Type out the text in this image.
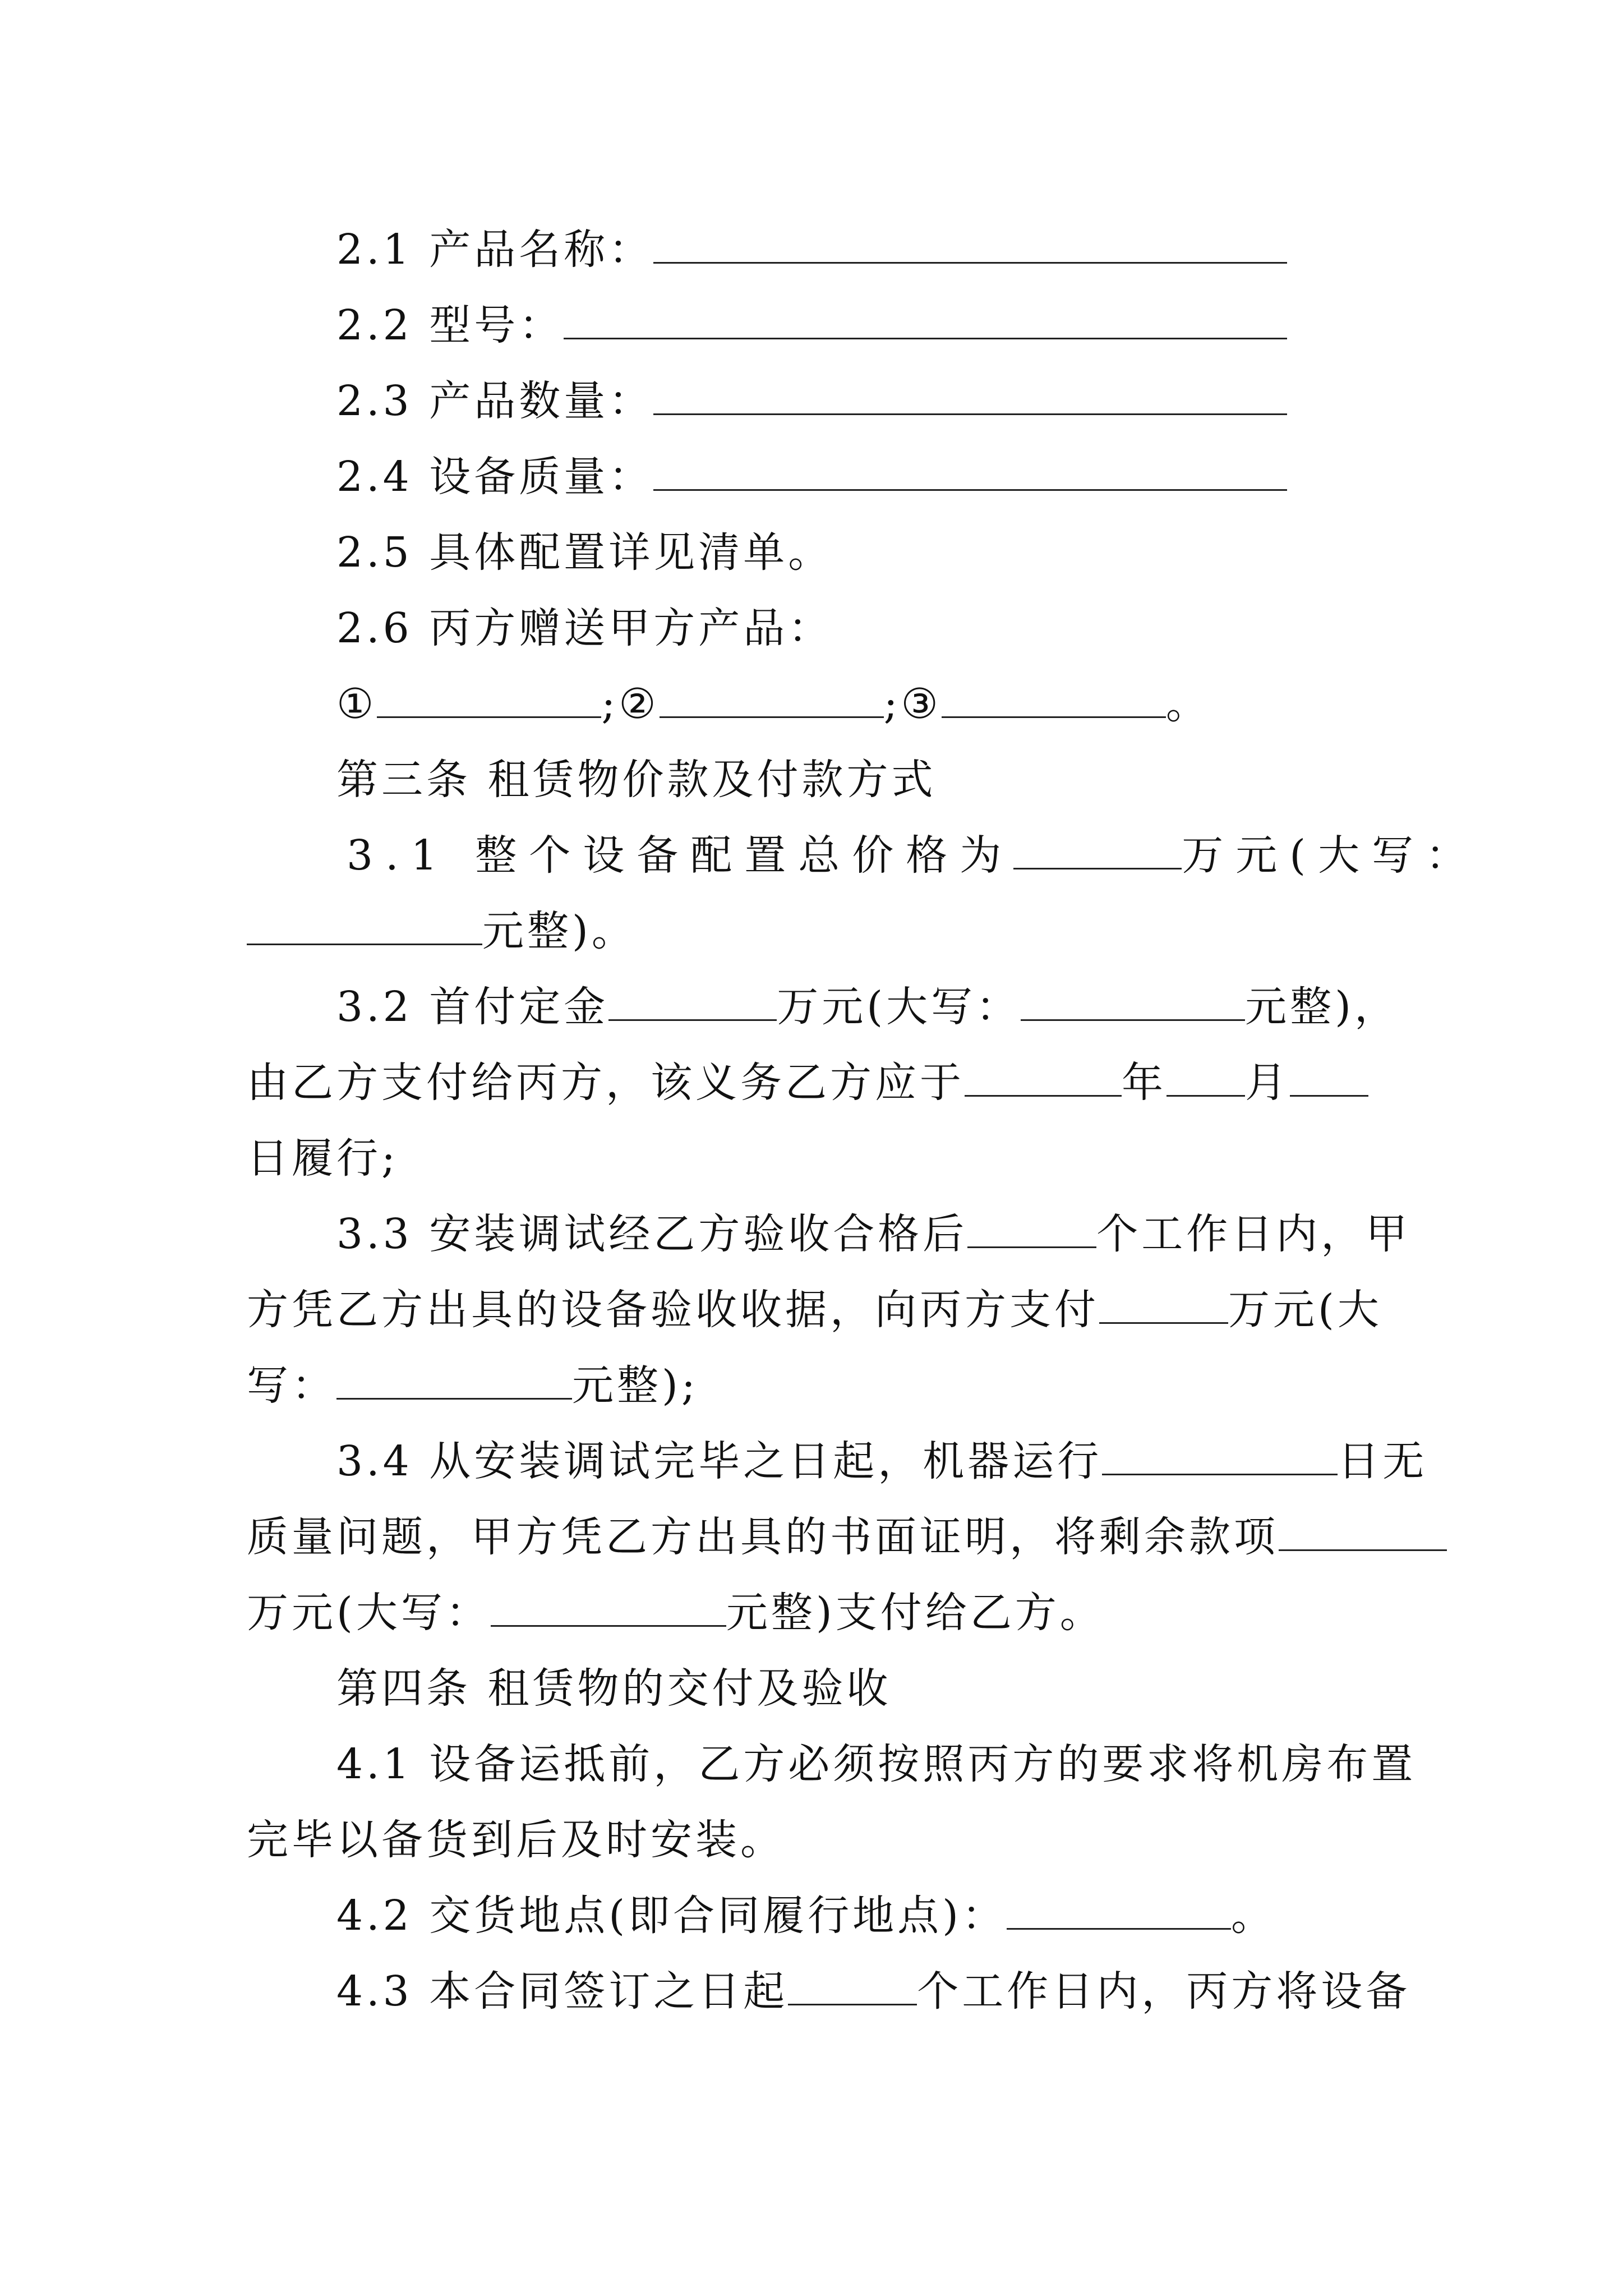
2.1 产品名称：
2.2 型号：
2.3 产品数量：
2.4 设备质量：
2.5 具体配置详见清单。
2.6 丙方赠送甲方产品：
①	;②	;③	。
第三条 租赁物价款及付款方式
3.1 整个设备配置总价格为	万元(大写：
元整)。
3.2 首付定金	万元(大写：	元整)，
由乙方支付给丙方，该义务乙方应于	年 月
日履行;
3.3 安装调试经乙方验收合格后	个工作日内，甲
方凭乙方出具的设备验收收据，向丙方支付	万元(大
写：	元整);
3.4 从安装调试完毕之日起，机器运行	日无
质量问题，甲方凭乙方出具的书面证明，将剩余款项
万元(大写：	元整)支付给乙方。
第四条 租赁物的交付及验收
4.1 设备运抵前，乙方必须按照丙方的要求将机房布置
完毕以备货到后及时安装。
4.2 交货地点(即合同履行地点)：	。
4.3 本合同签订之日起	个工作日内，丙方将设备
